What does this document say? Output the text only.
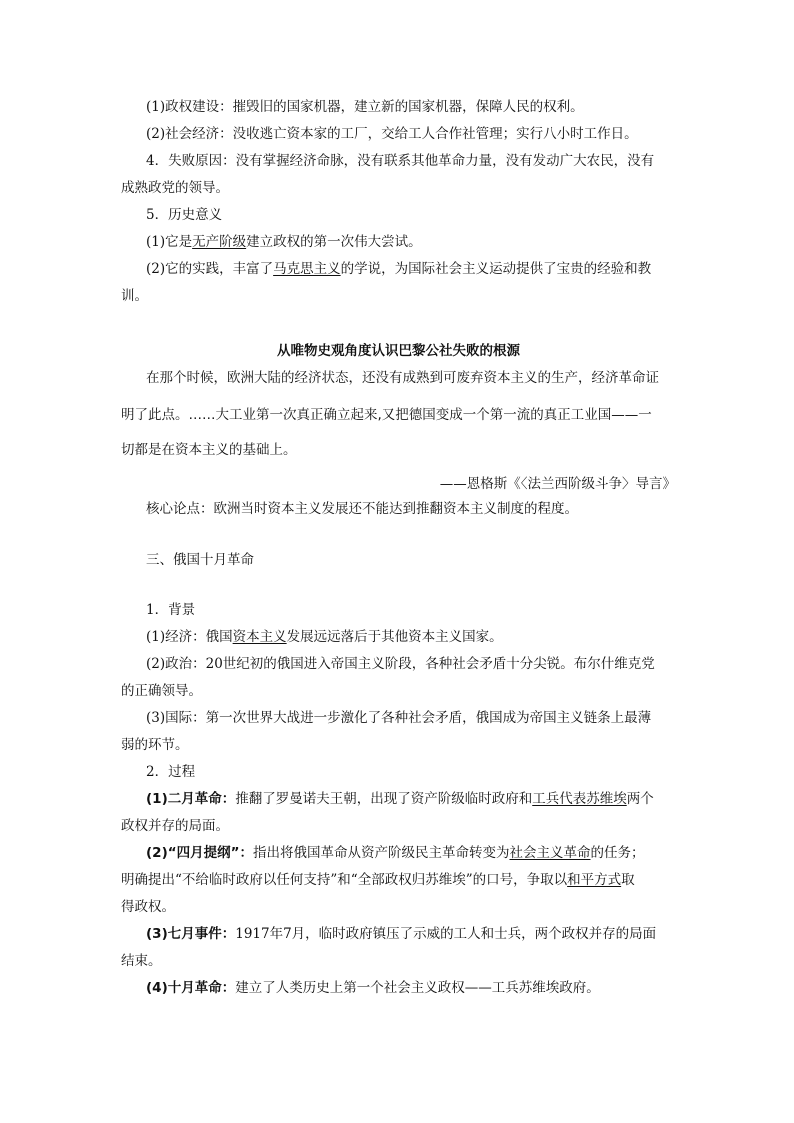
(1)政权建设：摧毁旧的国家机器，建立新的国家机器，保障人民的权利。

(2)社会经济：没收逃亡资本家的工厂，交给工人合作社管理；实行八小时工作日。

4．失败原因：没有掌握经济命脉，没有联系其他革命力量，没有发动广大农民，没有

成熟政党的领导。

5．历史意义

(1)它是无产阶级建立政权的第一次伟大尝试。

(2)它的实践，丰富了马克思主义的学说，为国际社会主义运动提供了宝贵的经验和教

训。

从唯物史观角度认识巴黎公社失败的根源

在那个时候，欧洲大陆的经济状态，还没有成熟到可废弃资本主义的生产，经济革命证

明了此点。……大工业第一次真正确立起来,又把德国变成一个第一流的真正工业国——一

切都是在资本主义的基础上。

——恩格斯《〈法兰西阶级斗争〉导言》

核心论点：欧洲当时资本主义发展还不能达到推翻资本主义制度的程度。

三、俄国十月革命

1．背景

(1)经济：俄国资本主义发展远远落后于其他资本主义国家。

(2)政治：20世纪初的俄国进入帝国主义阶段，各种社会矛盾十分尖锐。布尔什维克党

的正确领导。

(3)国际：第一次世界大战进一步激化了各种社会矛盾，俄国成为帝国主义链条上最薄

弱的环节。

2．过程

(1)二月革命：推翻了罗曼诺夫王朝，出现了资产阶级临时政府和工兵代表苏维埃两个

政权并存的局面。

(2)“四月提纲”：指出将俄国革命从资产阶级民主革命转变为社会主义革命的任务；

明确提出“不给临时政府以任何支持”和“全部政权归苏维埃”的口号，争取以和平方式取

得政权。

(3)七月事件：1917年7月，临时政府镇压了示威的工人和士兵，两个政权并存的局面

结束。

(4)十月革命：建立了人类历史上第一个社会主义政权——工兵苏维埃政府。
